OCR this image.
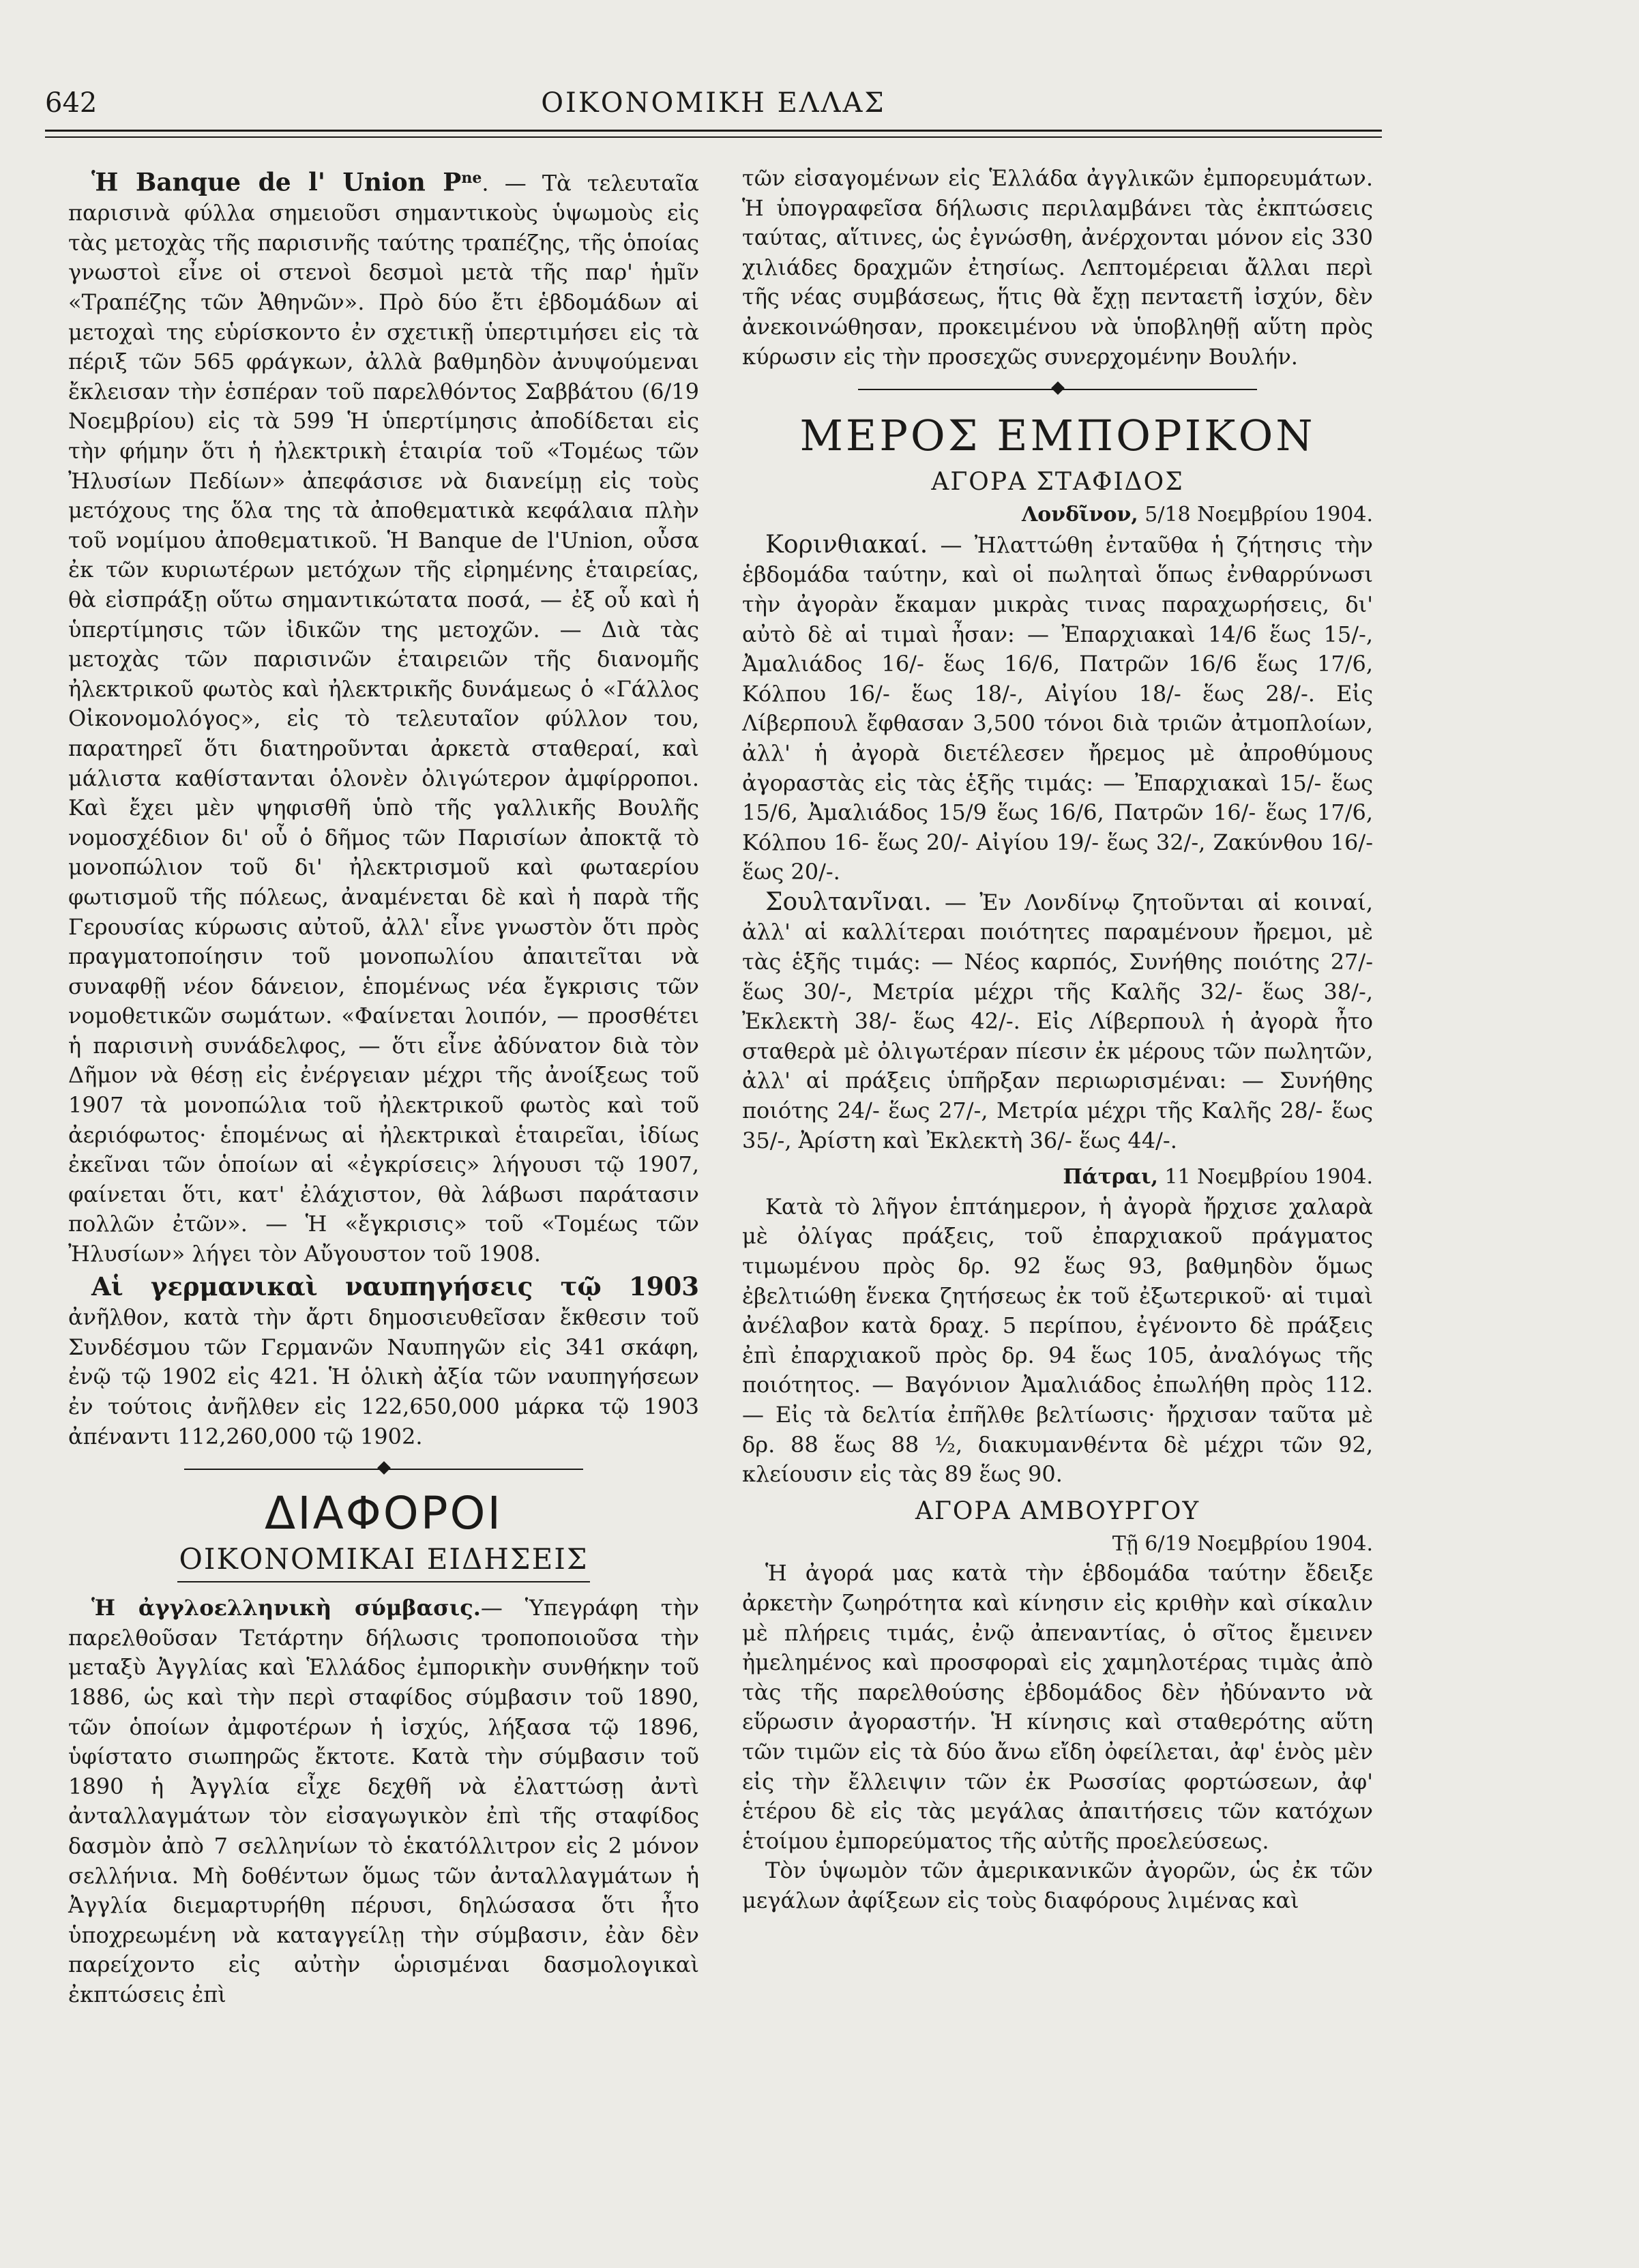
642	ΟΙΚΟΝΟΜΙΚΗ ΕΛΛΑΣ

Ἡ Banque de l' Union $P^{ne}$. — Τὰ τελευταῖα παρισινὰ φύλλα σημειοῦσι σημαντικοὺς ὑψωμοὺς εἰς τὰς μετοχὰς τῆς παρισινῆς ταύτης τραπέζης, τῆς ὁποίας γνωστοὶ εἶνε οἱ στενοὶ δεσμοὶ μετὰ τῆς παρ' ἡμῖν «Τραπέζης τῶν Ἀθηνῶν». Πρὸ δύο ἔτι ἑβδομάδων αἱ μετοχαὶ της εὑρίσκοντο ἐν σχετικῇ ὑπερτιμήσει εἰς τὰ πέριξ τῶν 565 φράγκων, ἀλλὰ βαθμηδὸν ἀνυψούμεναι ἔκλεισαν τὴν ἑσπέραν τοῦ παρελθόντος Σαββάτου (6/19 Νοεμβρίου) εἰς τὰ 599 Ἡ ὑπερτίμησις ἀποδίδεται εἰς τὴν φήμην ὅτι ἡ ἠλεκτρικὴ ἑταιρία τοῦ «Τομέως τῶν Ἠλυσίων Πεδίων» ἀπεφάσισε νὰ διανείμῃ εἰς τοὺς μετόχους της ὅλα της τὰ ἀποθεματικὰ κεφάλαια πλὴν τοῦ νομίμου ἀποθεματικοῦ. Ἡ Banque de l'Union, οὖσα ἐκ τῶν κυριωτέρων μετόχων τῆς εἰρημένης ἑταιρείας, θὰ εἰσπράξῃ οὕτω σημαντικώτατα ποσά, — ἐξ οὗ καὶ ἡ ὑπερτίμησις τῶν ἰδικῶν της μετοχῶν. — Διὰ τὰς μετοχὰς τῶν παρισινῶν ἑταιρειῶν τῆς διανομῆς ἠλεκτρικοῦ φωτὸς καὶ ἠλεκτρικῆς δυνάμεως ὁ «Γάλλος Οἰκονομολόγος», εἰς τὸ τελευταῖον φύλλον του, παρατηρεῖ ὅτι διατηροῦνται ἀρκετὰ σταθεραί, καὶ μάλιστα καθίστανται ὁλονὲν ὀλιγώτερον ἀμφίρροποι. Καὶ ἔχει μὲν ψηφισθῆ ὑπὸ τῆς γαλλικῆς Βουλῆς νομοσχέδιον δι' οὗ ὁ δῆμος τῶν Παρισίων ἀποκτᾷ τὸ μονοπώλιον τοῦ δι' ἠλεκτρισμοῦ καὶ φωταερίου φωτισμοῦ τῆς πόλεως, ἀναμένεται δὲ καὶ ἡ παρὰ τῆς Γερουσίας κύρωσις αὐτοῦ, ἀλλ' εἶνε γνωστὸν ὅτι πρὸς πραγματοποίησιν τοῦ μονοπωλίου ἀπαιτεῖται νὰ συναφθῇ νέον δάνειον, ἑπομένως νέα ἔγκρισις τῶν νομοθετικῶν σωμάτων. «Φαίνεται λοιπόν, — προσθέτει ἡ παρισινὴ συνάδελφος, — ὅτι εἶνε ἀδύνατον διὰ τὸν Δῆμον νὰ θέσῃ εἰς ἐνέργειαν μέχρι τῆς ἀνοίξεως τοῦ 1907 τὰ μονοπώλια τοῦ ἠλεκτρικοῦ φωτὸς καὶ τοῦ ἀεριόφωτος· ἑπομένως αἱ ἠλεκτρικαὶ ἑταιρεῖαι, ἰδίως ἐκεῖναι τῶν ὁποίων αἱ «ἐγκρίσεις» λήγουσι τῷ 1907, φαίνεται ὅτι, κατ' ἐλάχιστον, θὰ λάβωσι παράτασιν πολλῶν ἐτῶν». — Ἡ «ἔγκρισις» τοῦ «Τομέως τῶν Ἠλυσίων» λήγει τὸν Αὔγουστον τοῦ 1908.

Αἱ γερμανικαὶ ναυπηγήσεις τῷ 1903 ἀνῆλθον, κατὰ τὴν ἄρτι δημοσιευθεῖσαν ἔκθεσιν τοῦ Συνδέσμου τῶν Γερμανῶν Ναυπηγῶν εἰς 341 σκάφη, ἐνῷ τῷ 1902 εἰς 421. Ἡ ὁλικὴ ἀξία τῶν ναυπηγήσεων ἐν τούτοις ἀνῆλθεν εἰς 122,650,000 μάρκα τῷ 1903 ἀπέναντι 112,260,000 τῷ 1902.

ΔΙΑΦΟΡΟΙ
ΟΙΚΟΝΟΜΙΚΑΙ ΕΙΔΗΣΕΙΣ

Ἡ ἀγγλοελληνικὴ σύμβασις.— Ὑπεγράφη τὴν παρελθοῦσαν Τετάρτην δήλωσις τροποποιοῦσα τὴν μεταξὺ Ἀγγλίας καὶ Ἑλλάδος ἐμπορικὴν συνθήκην τοῦ 1886, ὡς καὶ τὴν περὶ σταφίδος σύμβασιν τοῦ 1890, τῶν ὁποίων ἀμφοτέρων ἡ ἰσχύς, λήξασα τῷ 1896, ὑφίστατο σιωπηρῶς ἔκτοτε. Κατὰ τὴν σύμβασιν τοῦ 1890 ἡ Ἀγγλία εἶχε δεχθῆ νὰ ἐλαττώσῃ ἀντὶ ἀνταλλαγμάτων τὸν εἰσαγωγικὸν ἐπὶ τῆς σταφίδος δασμὸν ἀπὸ 7 σελληνίων τὸ ἑκατόλλιτρον εἰς 2 μόνον σελλήνια. Μὴ δοθέντων ὅμως τῶν ἀνταλλαγμάτων ἡ Ἀγγλία διεμαρτυρήθη πέρυσι, δηλώσασα ὅτι ἦτο ὑποχρεωμένη νὰ καταγγείλῃ τὴν σύμβασιν, ἐὰν δὲν παρείχοντο εἰς αὐτὴν ὡρισμέναι δασμολογικαὶ ἐκπτώσεις ἐπὶ

τῶν εἰσαγομένων εἰς Ἑλλάδα ἀγγλικῶν ἐμπορευμάτων. Ἡ ὑπογραφεῖσα δήλωσις περιλαμβάνει τὰς ἐκπτώσεις ταύτας, αἵτινες, ὡς ἐγνώσθη, ἀνέρχονται μόνον εἰς 330 χιλιάδες δραχμῶν ἐτησίως. Λεπτομέρειαι ἄλλαι περὶ τῆς νέας συμβάσεως, ἥτις θὰ ἔχῃ πενταετῆ ἰσχύν, δὲν ἀνεκοινώθησαν, προκειμένου νὰ ὑποβληθῇ αὕτη πρὸς κύρωσιν εἰς τὴν προσεχῶς συνερχομένην Βουλήν.

ΜΕΡΟΣ ΕΜΠΟΡΙΚΟΝ
ΑΓΟΡΑ ΣΤΑΦΙΔΟΣ
Λονδῖνον, 5/18 Νοεμβρίου 1904.

Κορινθιακαί. — Ἠλαττώθη ἐνταῦθα ἡ ζήτησις τὴν ἑβδομάδα ταύτην, καὶ οἱ πωληταὶ ὅπως ἐνθαρρύνωσι τὴν ἀγορὰν ἔκαμαν μικρὰς τινας παραχωρήσεις, δι' αὐτὸ δὲ αἱ τιμαὶ ἦσαν: — Ἐπαρχιακαὶ 14/6 ἕως 15/-, Ἀμαλιάδος 16/- ἕως 16/6, Πατρῶν 16/6 ἕως 17/6, Κόλπου 16/- ἕως 18/-, Αἰγίου 18/- ἕως 28/-. Εἰς Λίβερπουλ ἔφθασαν 3,500 τόνοι διὰ τριῶν ἀτμοπλοίων, ἀλλ' ἡ ἀγορὰ διετέλεσεν ἤρεμος μὲ ἀπροθύμους ἀγοραστὰς εἰς τὰς ἑξῆς τιμάς: — Ἐπαρχιακαὶ 15/- ἕως 15/6, Ἀμαλιάδος 15/9 ἕως 16/6, Πατρῶν 16/- ἕως 17/6, Κόλπου 16- ἕως 20/- Αἰγίου 19/- ἕως 32/-, Ζακύνθου 16/- ἕως 20/-.

Σουλτανῖναι. — Ἐν Λονδίνῳ ζητοῦνται αἱ κοιναί, ἀλλ' αἱ καλλίτεραι ποιότητες παραμένουν ἤρεμοι, μὲ τὰς ἑξῆς τιμάς: — Νέος καρπός, Συνήθης ποιότης 27/- ἕως 30/-, Μετρία μέχρι τῆς Καλῆς 32/- ἕως 38/-, Ἐκλεκτὴ 38/- ἕως 42/-. Εἰς Λίβερπουλ ἡ ἀγορὰ ἦτο σταθερὰ μὲ ὀλιγωτέραν πίεσιν ἐκ μέρους τῶν πωλητῶν, ἀλλ' αἱ πράξεις ὑπῆρξαν περιωρισμέναι: — Συνήθης ποιότης 24/- ἕως 27/-, Μετρία μέχρι τῆς Καλῆς 28/- ἕως 35/-, Ἀρίστη καὶ Ἐκλεκτὴ 36/- ἕως 44/-.

Πάτραι, 11 Νοεμβρίου 1904.

Κατὰ τὸ λῆγον ἑπτάημερον, ἡ ἀγορὰ ἤρχισε χαλαρὰ μὲ ὀλίγας πράξεις, τοῦ ἐπαρχιακοῦ πράγματος τιμωμένου πρὸς δρ. 92 ἕως 93, βαθμηδὸν ὅμως ἐβελτιώθη ἕνεκα ζητήσεως ἐκ τοῦ ἐξωτερικοῦ· αἱ τιμαὶ ἀνέλαβον κατὰ δραχ. 5 περίπου, ἐγένοντο δὲ πράξεις ἐπὶ ἐπαρχιακοῦ πρὸς δρ. 94 ἕως 105, ἀναλόγως τῆς ποιότητος. — Βαγόνιον Ἀμαλιάδος ἐπωλήθη πρὸς 112. — Εἰς τὰ δελτία ἐπῆλθε βελτίωσις· ἤρχισαν ταῦτα μὲ δρ. 88 ἕως 88 ½, διακυμανθέντα δὲ μέχρι τῶν 92, κλείουσιν εἰς τὰς 89 ἕως 90.

ΑΓΟΡΑ ΑΜΒΟΥΡΓΟΥ
Τῇ 6/19 Νοεμβρίου 1904.

Ἡ ἀγορά μας κατὰ τὴν ἑβδομάδα ταύτην ἔδειξε ἀρκετὴν ζωηρότητα καὶ κίνησιν εἰς κριθὴν καὶ σίκαλιν μὲ πλήρεις τιμάς, ἐνῷ ἀπεναντίας, ὁ σῖτος ἔμεινεν ἠμελημένος καὶ προσφοραὶ εἰς χαμηλοτέρας τιμὰς ἀπὸ τὰς τῆς παρελθούσης ἑβδομάδος δὲν ἠδύναντο νὰ εὕρωσιν ἀγοραστήν. Ἡ κίνησις καὶ σταθερότης αὕτη τῶν τιμῶν εἰς τὰ δύο ἄνω εἴδη ὀφείλεται, ἀφ' ἑνὸς μὲν εἰς τὴν ἔλλειψιν τῶν ἐκ Ρωσσίας φορτώσεων, ἀφ' ἑτέρου δὲ εἰς τὰς μεγάλας ἀπαιτήσεις τῶν κατόχων ἑτοίμου ἐμπορεύματος τῆς αὐτῆς προελεύσεως.

Τὸν ὑψωμὸν τῶν ἀμερικανικῶν ἀγορῶν, ὡς ἐκ τῶν μεγάλων ἀφίξεων εἰς τοὺς διαφόρους λιμένας καὶ
